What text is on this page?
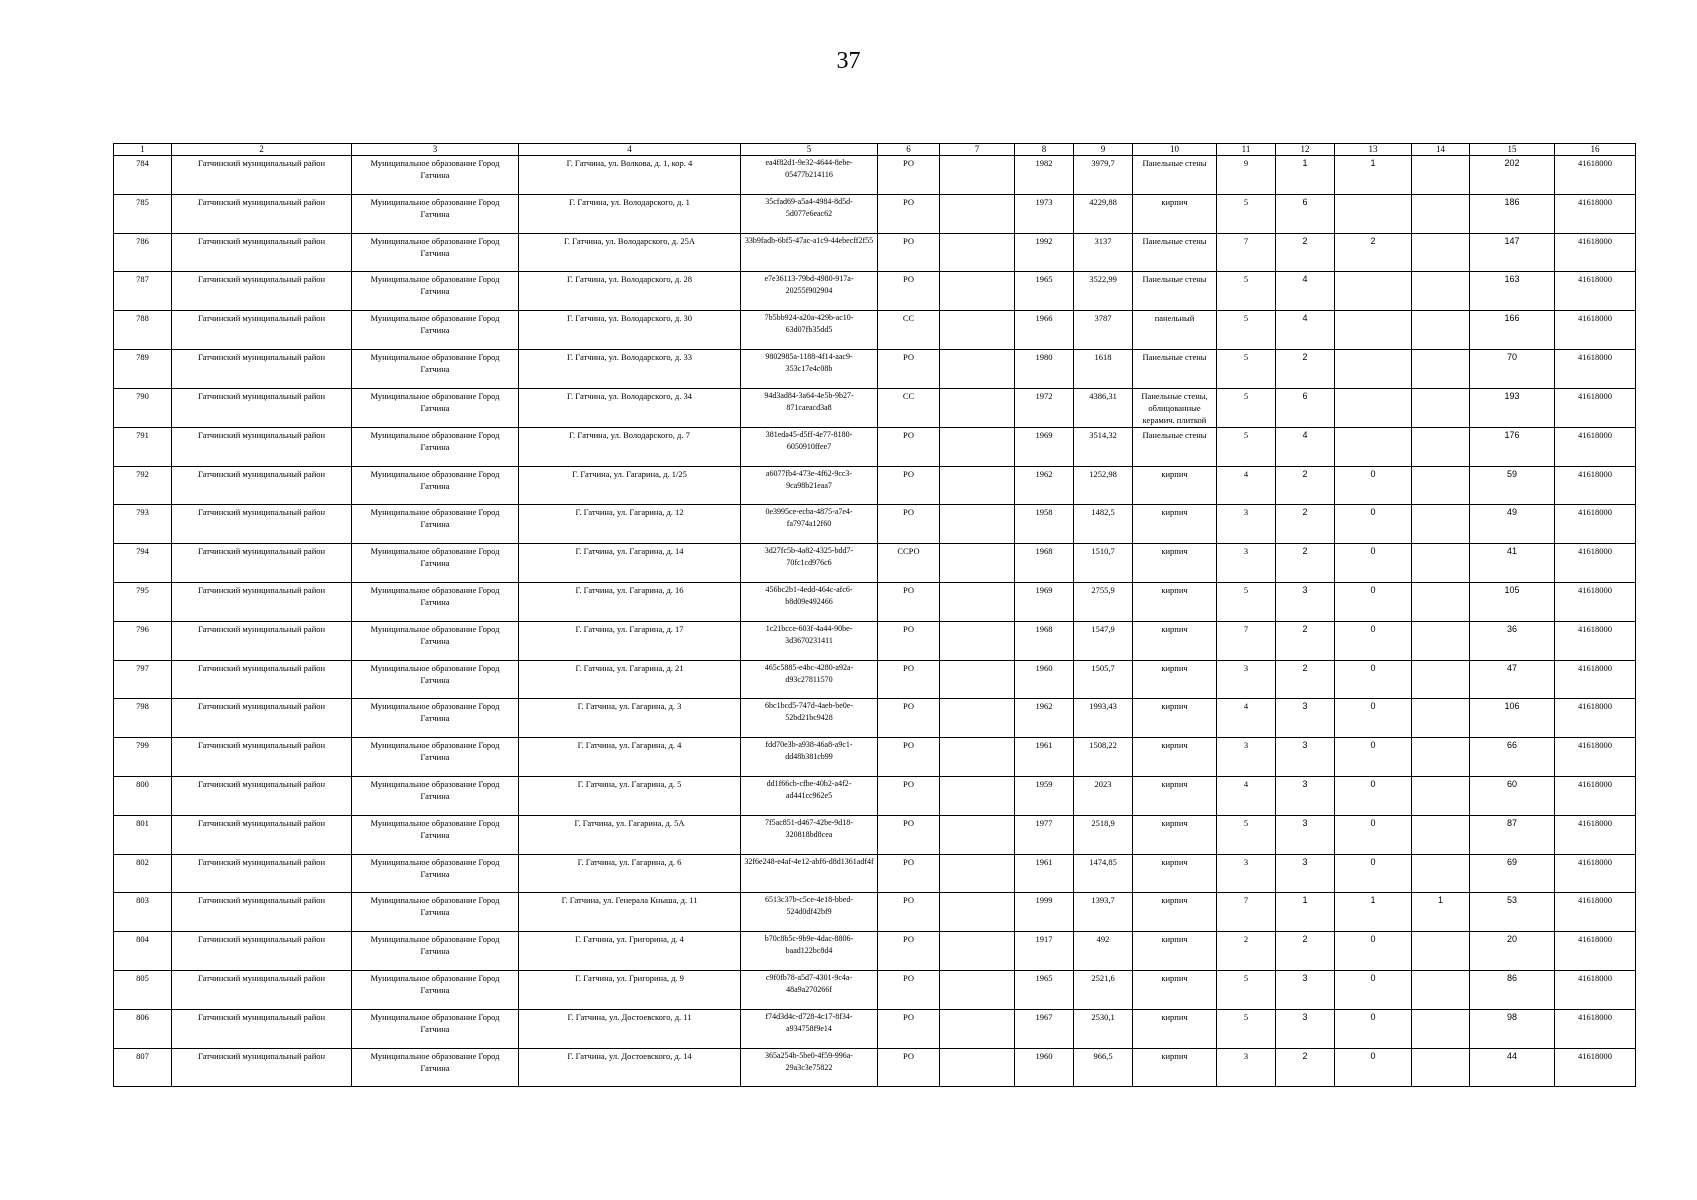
37
1	2	3	4	5	6	7	8	9	10	11	12	13	14	15	16
784	Гатчинский муниципальный район	Муниципальное образование Город Гатчина	Г. Гатчина, ул. Волкова, д. 1, кор. 4	ea4f82d1-9e32-4644-8ebe-05477b214116	РО		1982	3979,7	Панельные стены	9	1	1		202	41618000
785	Гатчинский муниципальный район	Муниципальное образование Город Гатчина	Г. Гатчина, ул. Володарского, д. 1	35cfad69-a5a4-4984-8d5d-5d077e6eac62	РО		1973	4229,88	кирпич	5	6			186	41618000
786	Гатчинский муниципальный район	Муниципальное образование Город Гатчина	Г. Гатчина, ул. Володарского, д. 25А	33b9fadb-6bf5-47ac-a1c9-44ebecff2f55	РО		1992	3137	Панельные стены	7	2	2		147	41618000
787	Гатчинский муниципальный район	Муниципальное образование Город Гатчина	Г. Гатчина, ул. Володарского, д. 28	e7e36113-79bd-4980-917a-20255f902904	РО		1965	3522,99	Панельные стены	5	4			163	41618000
788	Гатчинский муниципальный район	Муниципальное образование Город Гатчина	Г. Гатчина, ул. Володарского, д. 30	7b5bb924-a20a-429b-ac10-63d07fb35dd5	СС		1966	3787	панельный	5	4			166	41618000
789	Гатчинский муниципальный район	Муниципальное образование Город Гатчина	Г. Гатчина, ул. Володарского, д. 33	9802985a-1188-4f14-aac9-353c17e4c08b	РО		1980	1618	Панельные стены	5	2			70	41618000
790	Гатчинский муниципальный район	Муниципальное образование Город Гатчина	Г. Гатчина, ул. Володарского, д. 34	94d3ad84-3a64-4e5b-9b27-871caeacd3a8	СС		1972	4386,31	Панельные стены, облицованные керамич. плиткой	5	6			193	41618000
791	Гатчинский муниципальный район	Муниципальное образование Город Гатчина	Г. Гатчина, ул. Володарского, д. 7	381eda45-d5ff-4e77-8180-6050910ffee7	РО		1969	3514,32	Панельные стены	5	4			176	41618000
792	Гатчинский муниципальный район	Муниципальное образование Город Гатчина	Г. Гатчина, ул. Гагарина, д. 1/25	a6077fb4-473e-4f62-9cc3-9ca98b21eaa7	РО		1962	1252,98	кирпич	4	2	0		59	41618000
793	Гатчинский муниципальный район	Муниципальное образование Город Гатчина	Г. Гатчина, ул. Гагарина, д. 12	0e3995ce-ecba-4875-a7e4-fa7974a12f60	РО		1958	1482,5	кирпич	3	2	0		49	41618000
794	Гатчинский муниципальный район	Муниципальное образование Город Гатчина	Г. Гатчина, ул. Гагарина, д. 14	3d27fc5b-4a82-4325-bdd7-70fc1cd976c6	ССРО		1968	1510,7	кирпич	3	2	0		41	41618000
795	Гатчинский муниципальный район	Муниципальное образование Город Гатчина	Г. Гатчина, ул. Гагарина, д. 16	456bc2b1-4edd-464c-afc6-b8d09e492466	РО		1969	2755,9	кирпич	5	3	0		105	41618000
796	Гатчинский муниципальный район	Муниципальное образование Город Гатчина	Г. Гатчина, ул. Гагарина, д. 17	1c21bcce-603f-4a44-90be-3d3670231411	РО		1968	1547,9	кирпич	7	2	0		36	41618000
797	Гатчинский муниципальный район	Муниципальное образование Город Гатчина	Г. Гатчина, ул. Гагарина, д. 21	465c5885-e4bc-4280-a92a-d93c27811570	РО		1960	1505,7	кирпич	3	2	0		47	41618000
798	Гатчинский муниципальный район	Муниципальное образование Город Гатчина	Г. Гатчина, ул. Гагарина, д. 3	6bc1bcd5-747d-4aeb-be0e-52bd21bc9428	РО		1962	1993,43	кирпич	4	3	0		106	41618000
799	Гатчинский муниципальный район	Муниципальное образование Город Гатчина	Г. Гатчина, ул. Гагарина, д. 4	fdd70e3b-a938-46a8-a9c1-dd48b381cb99	РО		1961	1508,22	кирпич	3	3	0		66	41618000
800	Гатчинский муниципальный район	Муниципальное образование Город Гатчина	Г. Гатчина, ул. Гагарина, д. 5	dd1f66cb-cfbe-40b2-a4f2-ad441cc962e5	РО		1959	2023	кирпич	4	3	0		60	41618000
801	Гатчинский муниципальный район	Муниципальное образование Город Гатчина	Г. Гатчина, ул. Гагарина, д. 5А	7f5ac851-d467-42be-9d18-320818bd8cea	РО		1977	2518,9	кирпич	5	3	0		87	41618000
802	Гатчинский муниципальный район	Муниципальное образование Город Гатчина	Г. Гатчина, ул. Гагарина, д. 6	32f6e248-e4af-4e12-abf6-d8d1361adf4f	РО		1961	1474,85	кирпич	3	3	0		69	41618000
803	Гатчинский муниципальный район	Муниципальное образование Город Гатчина	Г. Гатчина, ул. Генерала Кныша, д. 11	6513c37b-c5ce-4e18-bbed-524d0df42bf9	РО		1999	1393,7	кирпич	7	1	1	1	53	41618000
804	Гатчинский муниципальный район	Муниципальное образование Город Гатчина	Г. Гатчина, ул. Григорина, д. 4	b70c8b5c-9b9e-4dac-8806-baad122bc8d4	РО		1917	492	кирпич	2	2	0		20	41618000
805	Гатчинский муниципальный район	Муниципальное образование Город Гатчина	Г. Гатчина, ул. Григорина, д. 9	c9f0fb78-a5d7-4301-9c4a-48a9a270266f	РО		1965	2521,6	кирпич	5	3	0		86	41618000
806	Гатчинский муниципальный район	Муниципальное образование Город Гатчина	Г. Гатчина, ул. Достоевского, д. 11	f74d3d4c-d728-4c17-8f34-a934758f9e14	РО		1967	2530,1	кирпич	5	3	0		98	41618000
807	Гатчинский муниципальный район	Муниципальное образование Город Гатчина	Г. Гатчина, ул. Достоевского, д. 14	365a254b-5be0-4f59-996a-29a3c3e75822	РО		1960	966,5	кирпич	3	2	0		44	41618000
